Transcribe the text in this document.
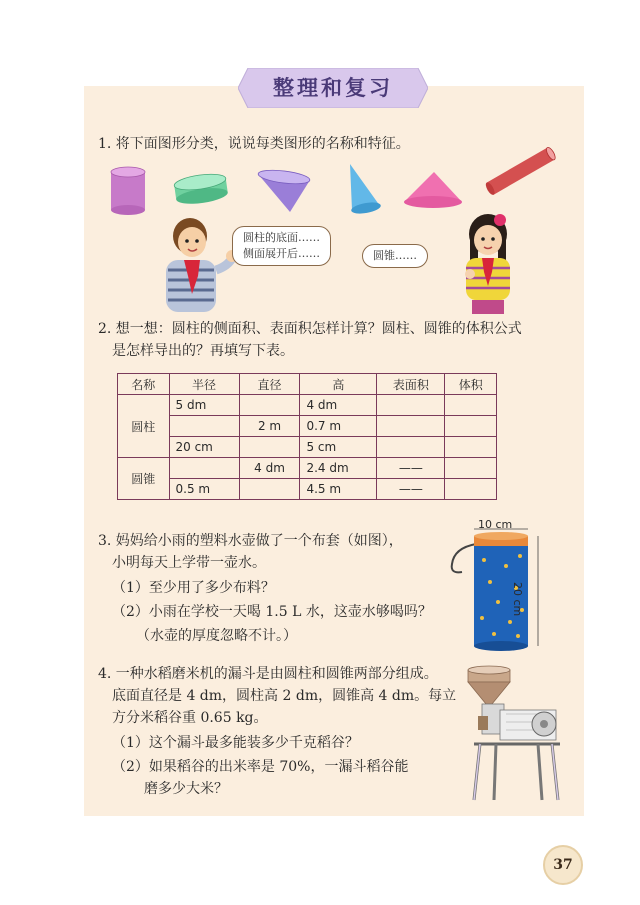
整理和复习
1. 将下面图形分类，说说每类图形的名称和特征。
圆柱的底面……
侧面展开后……	圆锥……
2. 想一想：圆柱的侧面积、表面积怎样计算？圆柱、圆锥的体积公式
是怎样导出的？再填写下表。
名称	半径	直径	高	表面积	体积
圆柱	5 dm		4 dm		
		2 m	0.7 m		
	20 cm		5 cm		
圆锥		4 dm	2.4 dm	——	
	0.5 m		4.5 m	——	
3. 妈妈给小雨的塑料水壶做了一个布套（如图），
小明每天上学带一壶水。
（1）至少用了多少布料？
（2）小雨在学校一天喝 1.5 L 水，这壶水够喝吗？
（水壶的厚度忽略不计。）
10 cm
20 cm
4. 一种水稻磨米机的漏斗是由圆柱和圆锥两部分组成。
底面直径是 4 dm，圆柱高 2 dm，圆锥高 4 dm。每立
方分米稻谷重 0.65 kg。
（1）这个漏斗最多能装多少千克稻谷？
（2）如果稻谷的出米率是 70%，一漏斗稻谷能
磨多少大米？
37
